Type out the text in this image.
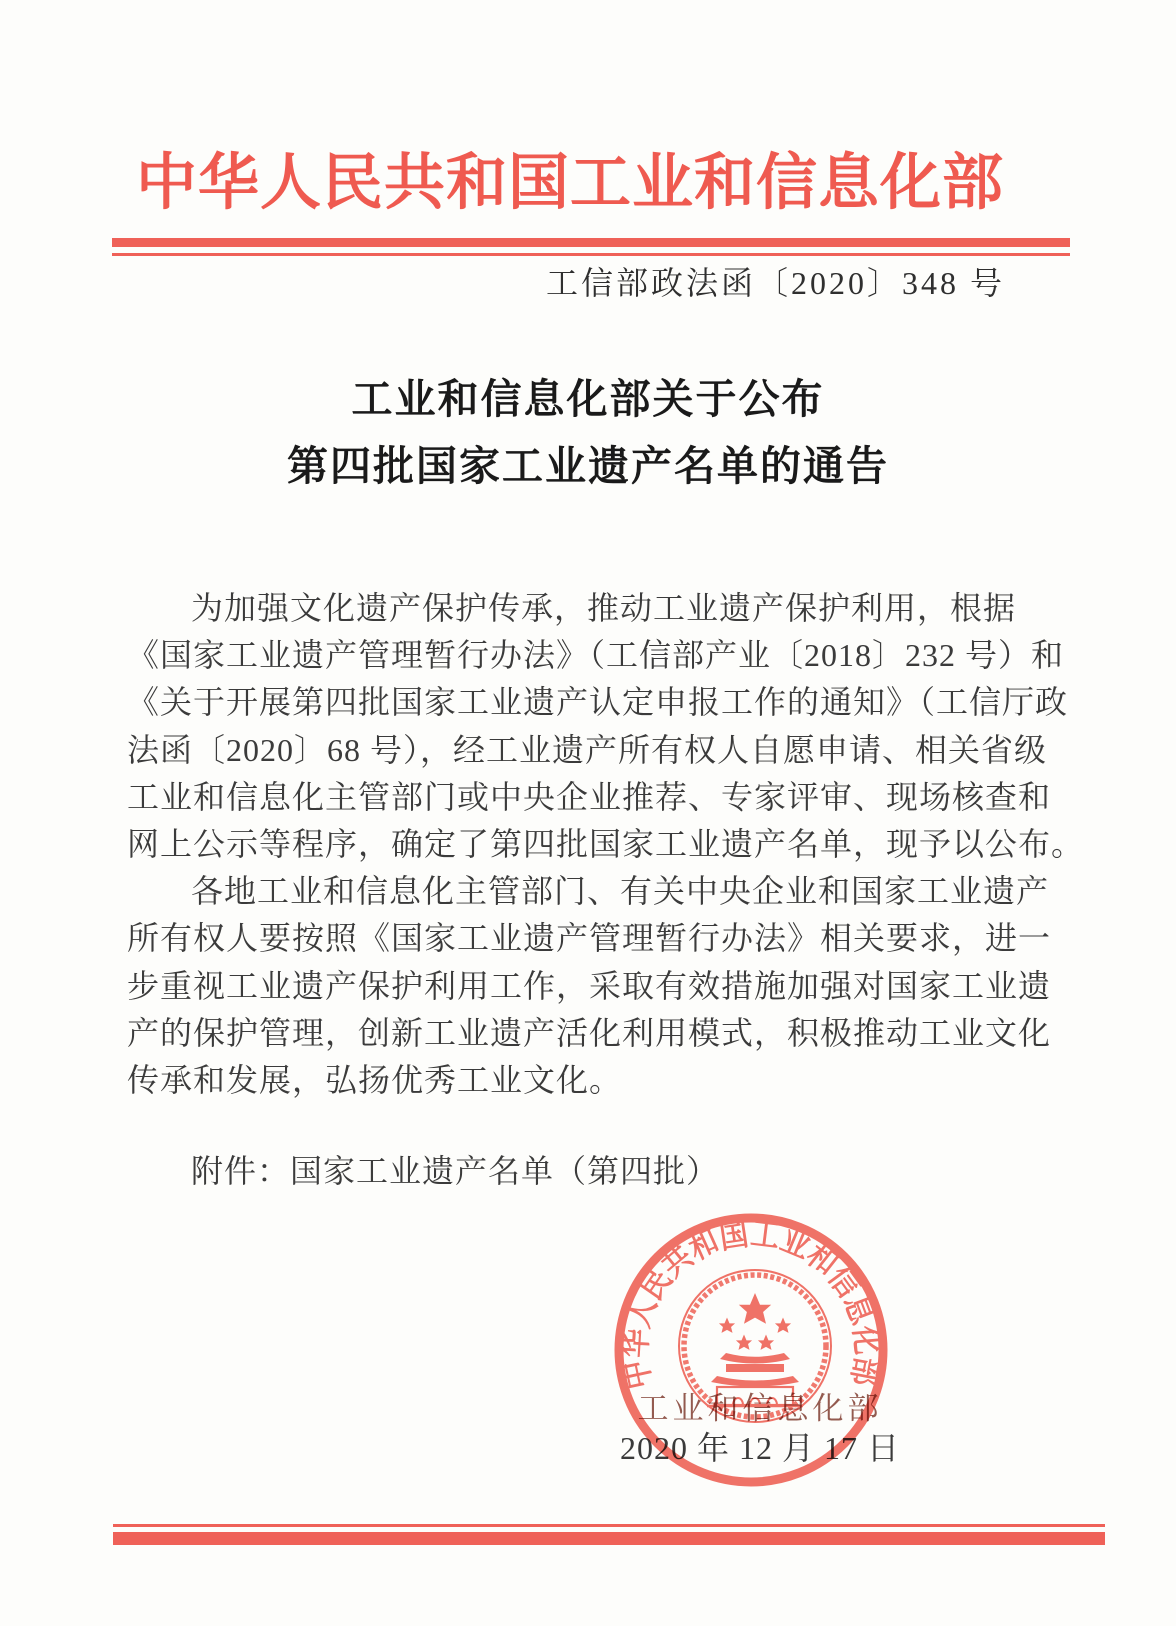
中华人民共和国工业和信息化部
工信部政法函〔2020〕348 号
工业和信息化部关于公布
第四批国家工业遗产名单的通告
为加强文化遗产保护传承，推动工业遗产保护利用，根据
《国家工业遗产管理暂行办法》（工信部产业〔2018〕232 号）和
《关于开展第四批国家工业遗产认定申报工作的通知》（工信厅政
法函〔2020〕68 号），经工业遗产所有权人自愿申请、相关省级
工业和信息化主管部门或中央企业推荐、专家评审、现场核查和
网上公示等程序，确定了第四批国家工业遗产名单，现予以公布。
各地工业和信息化主管部门、有关中央企业和国家工业遗产
所有权人要按照《国家工业遗产管理暂行办法》相关要求，进一
步重视工业遗产保护利用工作，采取有效措施加强对国家工业遗
产的保护管理，创新工业遗产活化利用模式，积极推动工业文化
传承和发展，弘扬优秀工业文化。
附件：国家工业遗产名单（第四批）
工业和信息化部
2020 年 12 月 17 日
中华人民共和国工业和信息化部
